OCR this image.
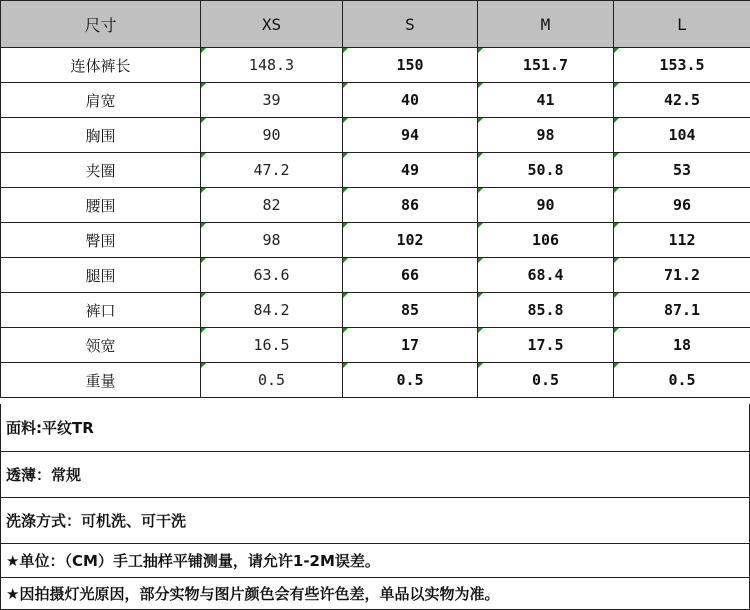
尺寸	XS	S	M	L
连体裤长	148.3	150	151.7	153.5
肩宽	39	40	41	42.5
胸围	90	94	98	104
夹圈	47.2	49	50.8	53
腰围	82	86	90	96
臀围	98	102	106	112
腿围	63.6	66	68.4	71.2
裤口	84.2	85	85.8	87.1
领宽	16.5	17	17.5	18
重量	0.5	0.5	0.5	0.5
面料:平纹TR
透薄：常规
洗涤方式：可机洗、可干洗
★单位：（CM）手工抽样平铺测量，请允许1-2M误差。
★因拍摄灯光原因，部分实物与图片颜色会有些许色差，单品以实物为准。
